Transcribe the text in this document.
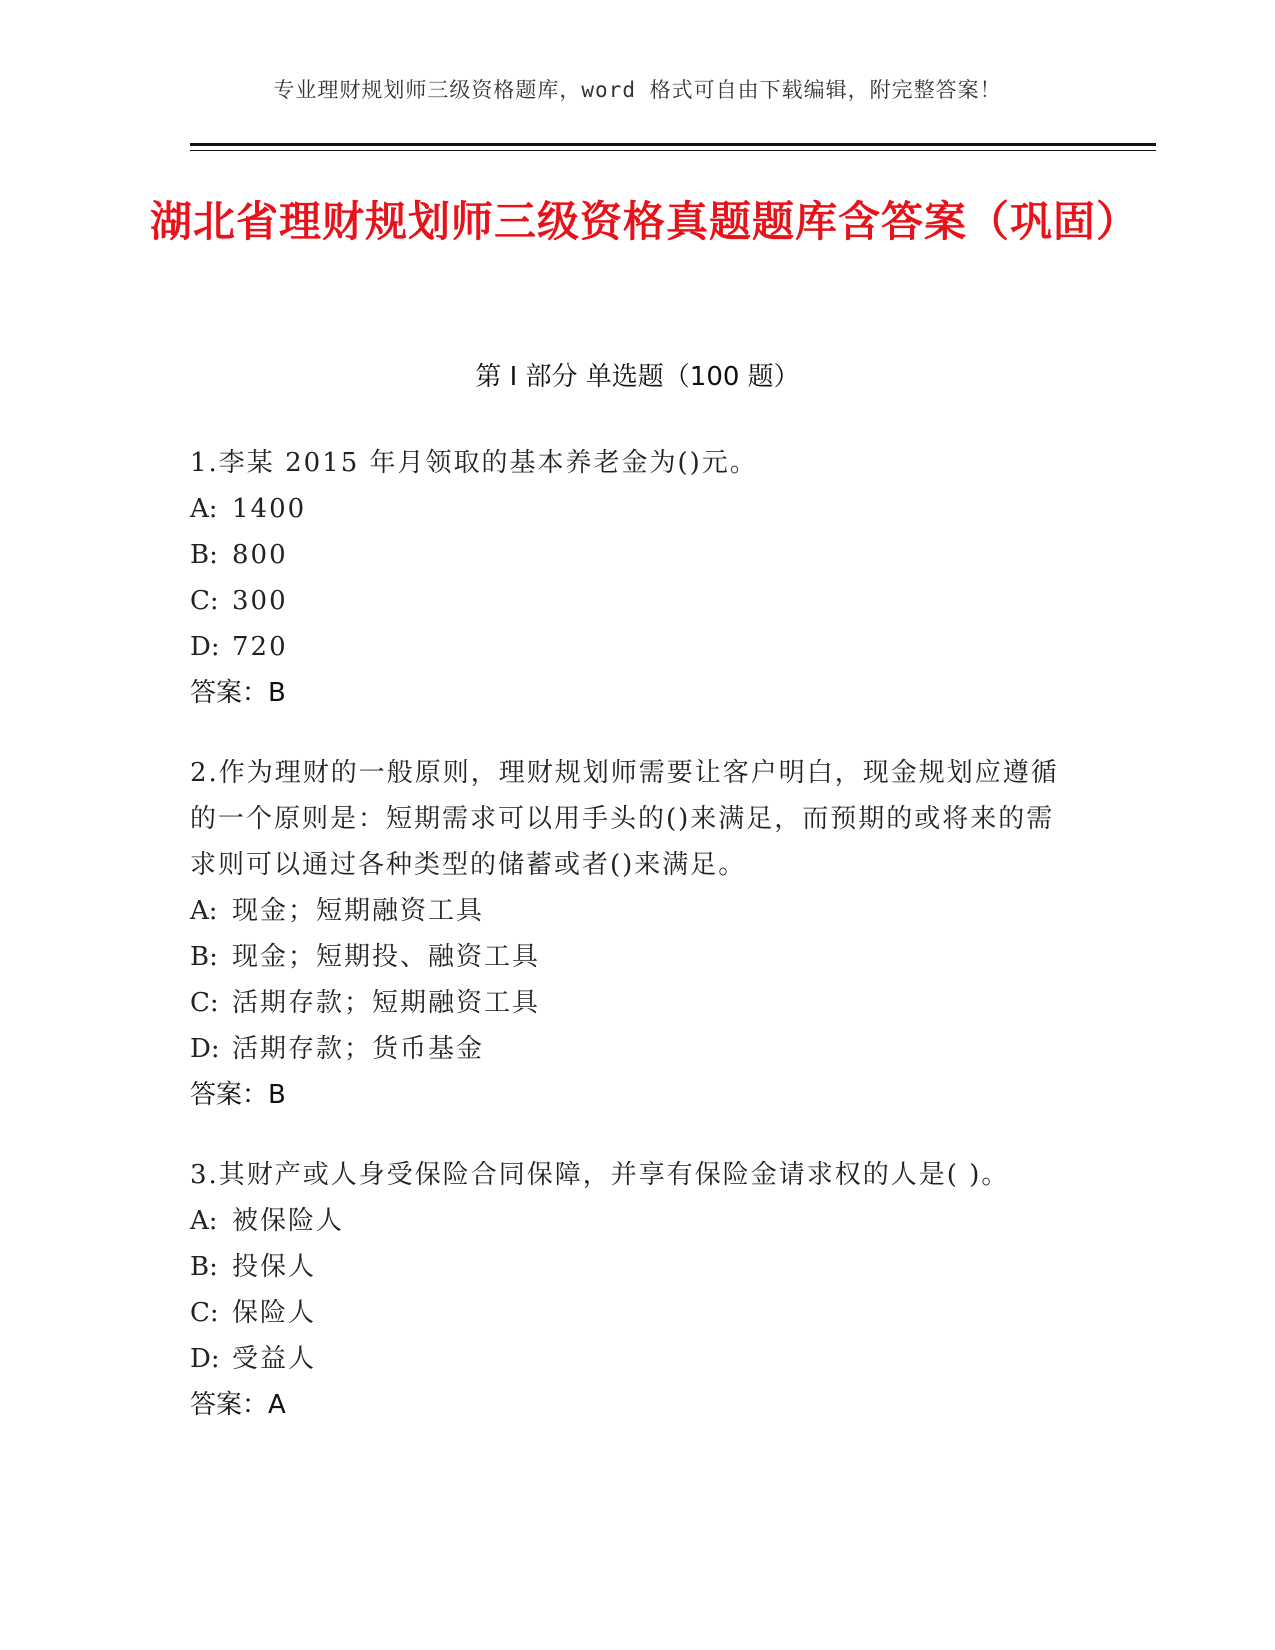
专业理财规划师三级资格题库，word 格式可自由下载编辑，附完整答案！
湖北省理财规划师三级资格真题题库含答案（巩固）
第 I 部分 单选题（100 题）
1.李某 2015 年月领取的基本养老金为()元。
A: 1400
B: 800
C: 300
D: 720
答案：B
2.作为理财的一般原则，理财规划师需要让客户明白，现金规划应遵循的一个原则是：短期需求可以用手头的()来满足，而预期的或将来的需求则可以通过各种类型的储蓄或者()来满足。
A: 现金；短期融资工具
B: 现金；短期投、融资工具
C: 活期存款；短期融资工具
D: 活期存款；货币基金
答案：B
3.其财产或人身受保险合同保障，并享有保险金请求权的人是( )。
A: 被保险人
B: 投保人
C: 保险人
D: 受益人
答案：A
